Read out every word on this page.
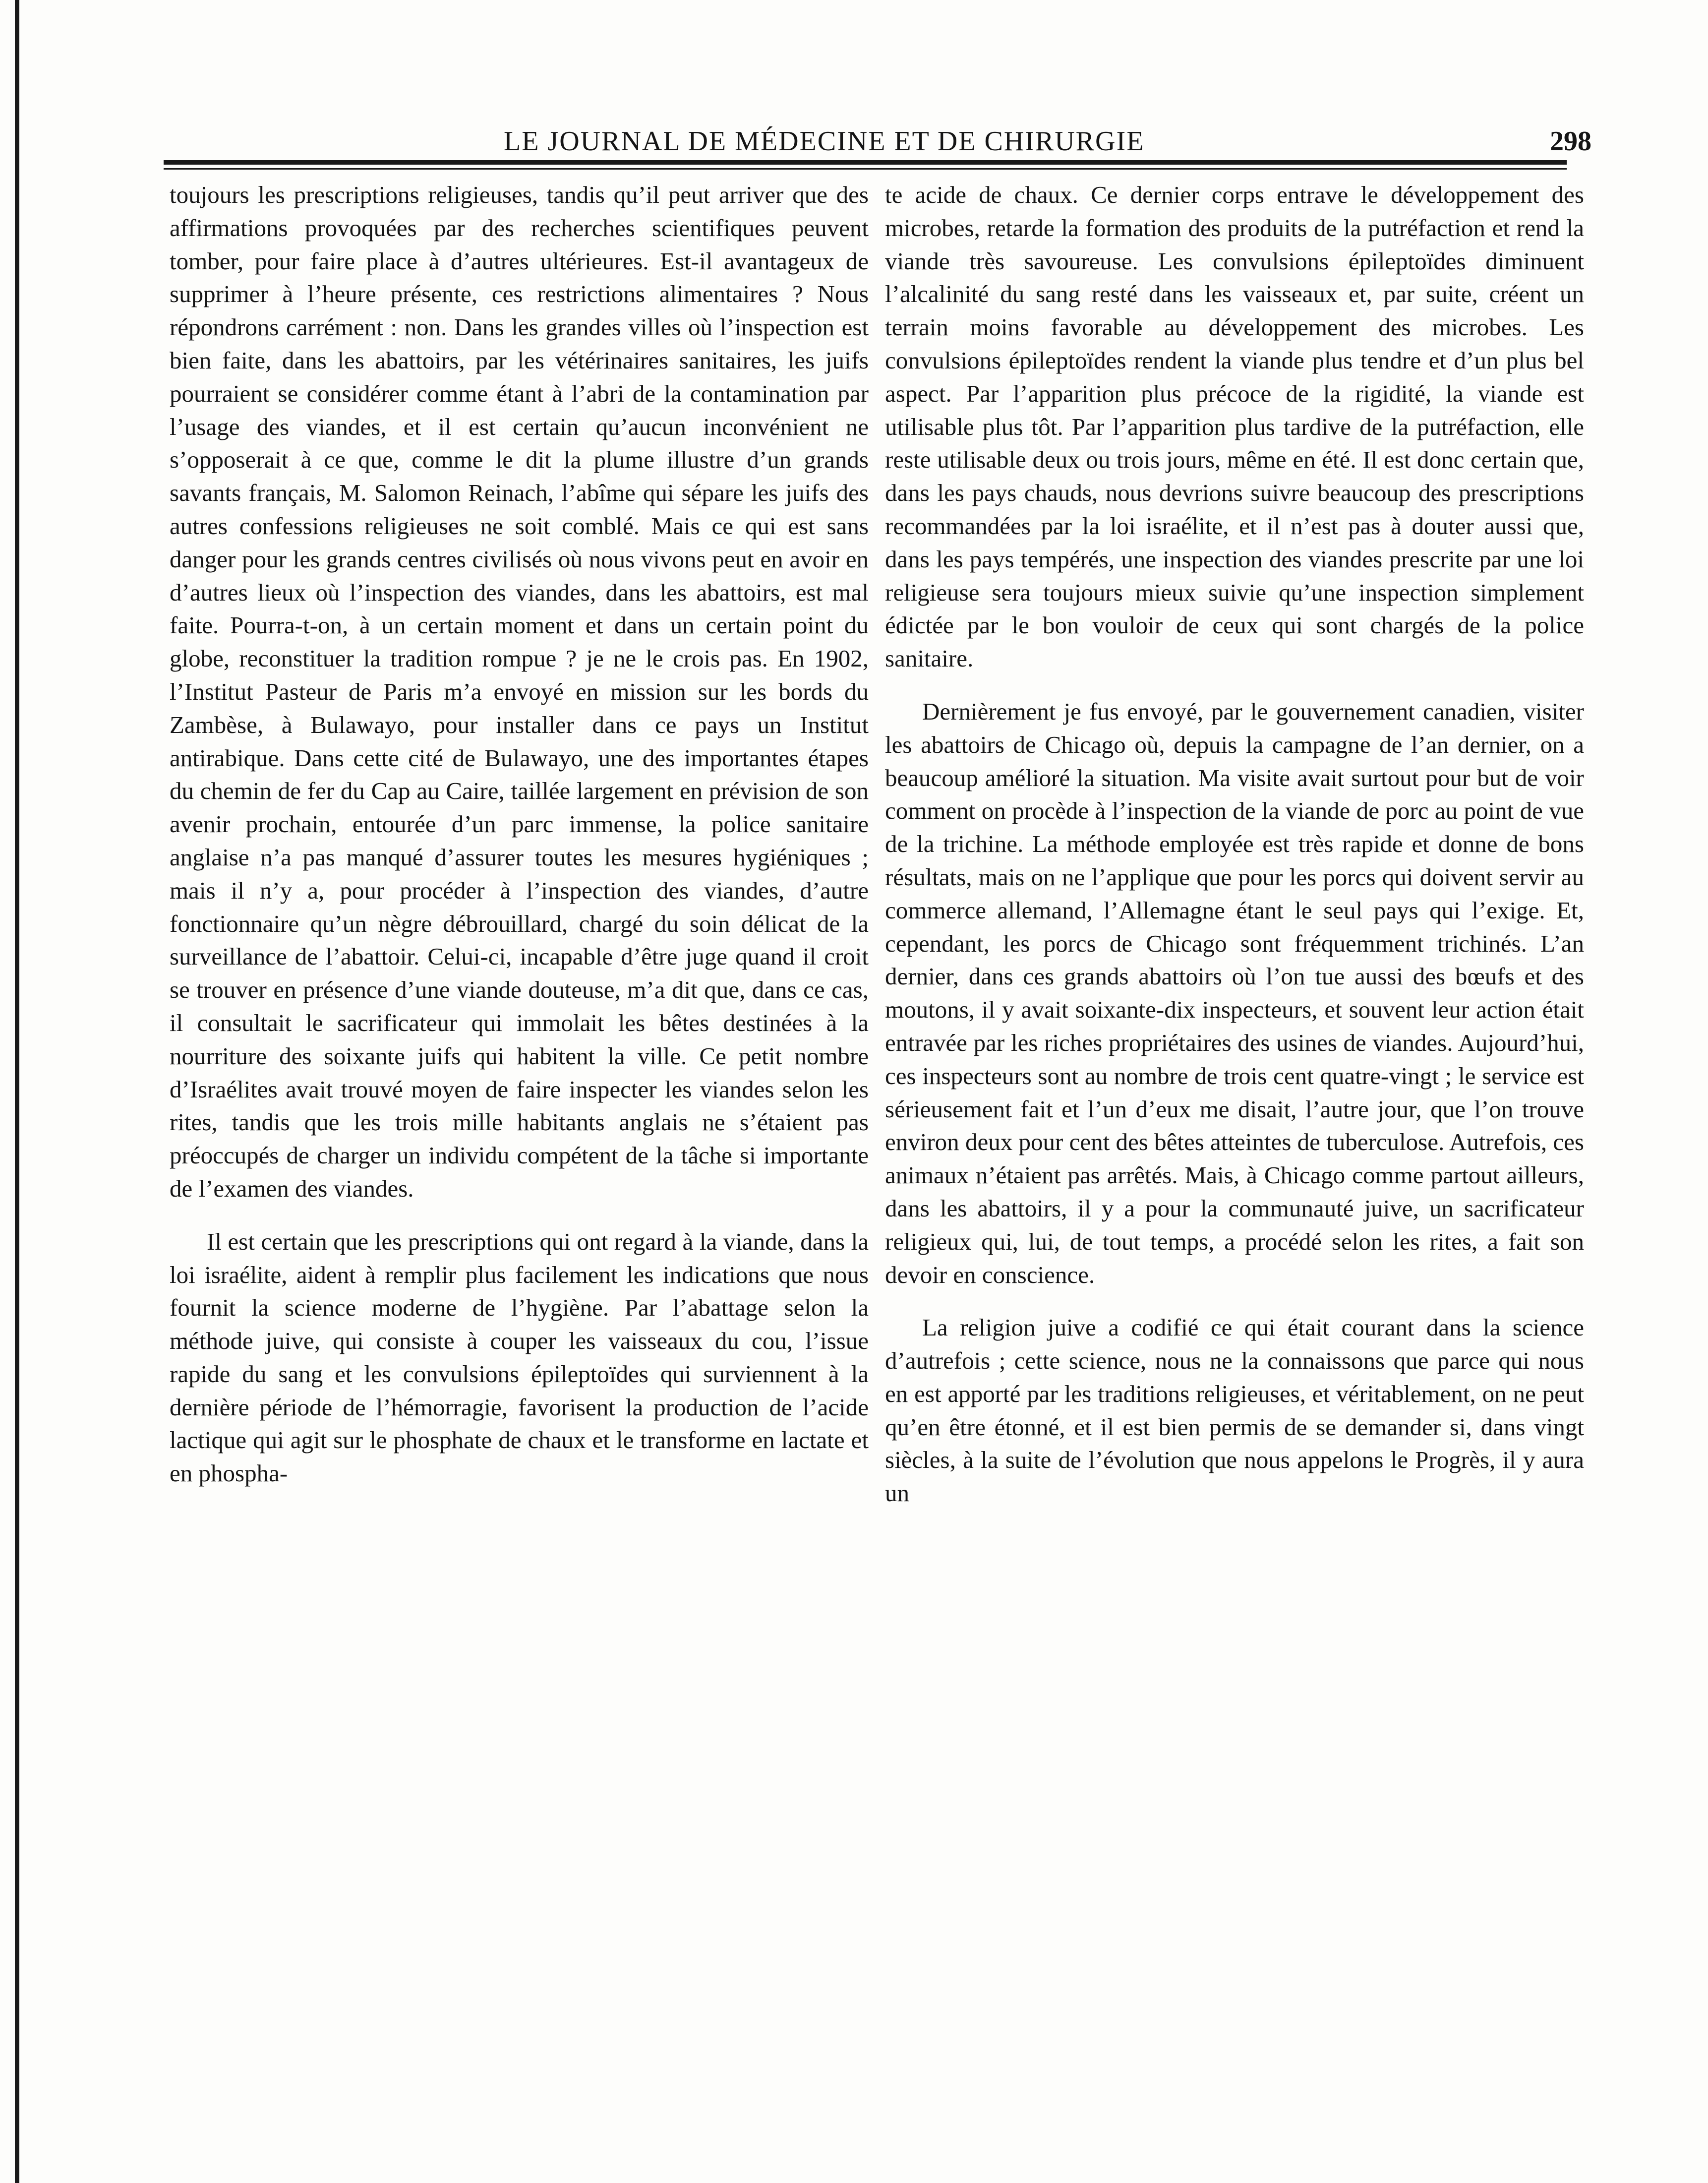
LE JOURNAL DE MÉDECINE ET DE CHIRURGIE	298

toujours les prescriptions religieuses, tandis qu’il peut arriver que des affirmations provoquées par des recherches scientifiques peuvent tomber, pour faire place à d’autres ultérieures. Est-il avantageux de supprimer à l’heure présente, ces restrictions alimentaires ? Nous répondrons carrément : non. Dans les grandes villes où l’inspection est bien faite, dans les abattoirs, par les vétérinaires sanitaires, les juifs pourraient se considérer comme étant à l’abri de la contamination par l’usage des viandes, et il est certain qu’aucun inconvénient ne s’opposerait à ce que, comme le dit la plume illustre d’un grands savants français, M. Salomon Reinach, l’abîme qui sépare les juifs des autres confessions religieuses ne soit comblé. Mais ce qui est sans danger pour les grands centres civilisés où nous vivons peut en avoir en d’autres lieux où l’inspection des viandes, dans les abattoirs, est mal faite. Pourra-t-on, à un certain moment et dans un certain point du globe, reconstituer la tradition rompue ? je ne le crois pas. En 1902, l’Institut Pasteur de Paris m’a envoyé en mission sur les bords du Zambèse, à Bulawayo, pour installer dans ce pays un Institut antirabique. Dans cette cité de Bulawayo, une des importantes étapes du chemin de fer du Cap au Caire, taillée largement en prévision de son avenir prochain, entourée d’un parc immense, la police sanitaire anglaise n’a pas manqué d’assurer toutes les mesures hygiéniques ; mais il n’y a, pour procéder à l’inspection des viandes, d’autre fonctionnaire qu’un nègre débrouillard, chargé du soin délicat de la surveillance de l’abattoir. Celui-ci, incapable d’être juge quand il croit se trouver en présence d’une viande douteuse, m’a dit que, dans ce cas, il consultait le sacrificateur qui immolait les bêtes destinées à la nourriture des soixante juifs qui habitent la ville. Ce petit nombre d’Israélites avait trouvé moyen de faire inspecter les viandes selon les rites, tandis que les trois mille habitants anglais ne s’étaient pas préoccupés de charger un individu compétent de la tâche si importante de l’examen des viandes.

Il est certain que les prescriptions qui ont regard à la viande, dans la loi israélite, aident à remplir plus facilement les indications que nous fournit la science moderne de l’hygiène. Par l’abattage selon la méthode juive, qui consiste à couper les vaisseaux du cou, l’issue rapide du sang et les convulsions épileptoïdes qui surviennent à la dernière période de l’hémorragie, favorisent la production de l’acide lactique qui agit sur le phosphate de chaux et le transforme en lactate et en phospha-

te acide de chaux. Ce dernier corps entrave le développement des microbes, retarde la formation des produits de la putréfaction et rend la viande très savoureuse. Les convulsions épileptoïdes diminuent l’alcalinité du sang resté dans les vaisseaux et, par suite, créent un terrain moins favorable au développement des microbes. Les convulsions épileptoïdes rendent la viande plus tendre et d’un plus bel aspect. Par l’apparition plus précoce de la rigidité, la viande est utilisable plus tôt. Par l’apparition plus tardive de la putréfaction, elle reste utilisable deux ou trois jours, même en été. Il est donc certain que, dans les pays chauds, nous devrions suivre beaucoup des prescriptions recommandées par la loi israélite, et il n’est pas à douter aussi que, dans les pays tempérés, une inspection des viandes prescrite par une loi religieuse sera toujours mieux suivie qu’une inspection simplement édictée par le bon vouloir de ceux qui sont chargés de la police sanitaire.

Dernièrement je fus envoyé, par le gouvernement canadien, visiter les abattoirs de Chicago où, depuis la campagne de l’an dernier, on a beaucoup amélioré la situation. Ma visite avait surtout pour but de voir comment on procède à l’inspection de la viande de porc au point de vue de la trichine. La méthode employée est très rapide et donne de bons résultats, mais on ne l’applique que pour les porcs qui doivent servir au commerce allemand, l’Allemagne étant le seul pays qui l’exige. Et, cependant, les porcs de Chicago sont fréquemment trichinés. L’an dernier, dans ces grands abattoirs où l’on tue aussi des bœufs et des moutons, il y avait soixante-dix inspecteurs, et souvent leur action était entravée par les riches propriétaires des usines de viandes. Aujourd’hui, ces inspecteurs sont au nombre de trois cent quatre-vingt ; le service est sérieusement fait et l’un d’eux me disait, l’autre jour, que l’on trouve environ deux pour cent des bêtes atteintes de tuberculose. Autrefois, ces animaux n’étaient pas arrêtés. Mais, à Chicago comme partout ailleurs, dans les abattoirs, il y a pour la communauté juive, un sacrificateur religieux qui, lui, de tout temps, a procédé selon les rites, a fait son devoir en conscience.

La religion juive a codifié ce qui était courant dans la science d’autrefois ; cette science, nous ne la connaissons que parce qui nous en est apporté par les traditions religieuses, et véritablement, on ne peut qu’en être étonné, et il est bien permis de se demander si, dans vingt siècles, à la suite de l’évolution que nous appelons le Progrès, il y aura un
